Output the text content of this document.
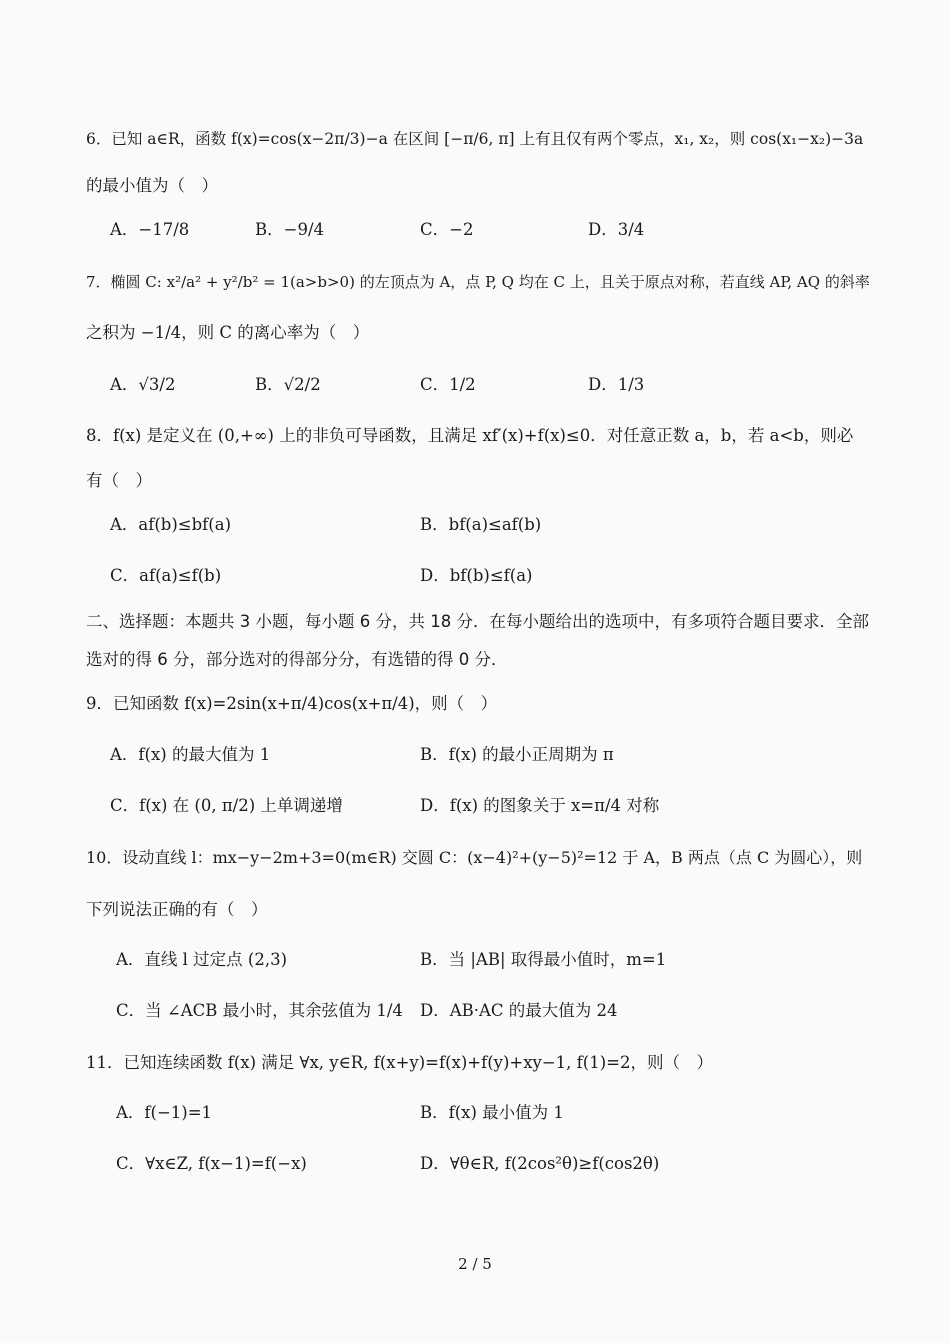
6．已知 a∈R，函数 f(x)=cos(x−2π/3)−a 在区间 [−π/6, π] 上有且仅有两个零点，x₁, x₂，则 cos(x₁−x₂)−3a
的最小值为（　）
A．−17/8	B．−9/4	C．−2	D．3/4
7．椭圆 C: x²/a² + y²/b² = 1(a>b>0) 的左顶点为 A，点 P, Q 均在 C 上，且关于原点对称，若直线 AP, AQ 的斜率
之积为 −1/4，则 C 的离心率为（　）
A．√3/2	B．√2/2	C．1/2	D．1/3
8．f(x) 是定义在 (0,+∞) 上的非负可导函数，且满足 xf′(x)+f(x)≤0．对任意正数 a，b，若 a<b，则必
有（　）
A．af(b)≤bf(a)	B．bf(a)≤af(b)
C．af(a)≤f(b)	D．bf(b)≤f(a)
二、选择题：本题共 3 小题，每小题 6 分，共 18 分．在每小题给出的选项中，有多项符合题目要求．全部
选对的得 6 分，部分选对的得部分分，有选错的得 0 分．
9．已知函数 f(x)=2sin(x+π/4)cos(x+π/4)，则（　）
A．f(x) 的最大值为 1	B．f(x) 的最小正周期为 π
C．f(x) 在 (0, π/2) 上单调递增	D．f(x) 的图象关于 x=π/4 对称
10．设动直线 l：mx−y−2m+3=0(m∈R) 交圆 C：(x−4)²+(y−5)²=12 于 A，B 两点（点 C 为圆心），则
下列说法正确的有（　）
A．直线 l 过定点 (2,3)	B．当 |AB| 取得最小值时，m=1
C．当 ∠ACB 最小时，其余弦值为 1/4 D．AB·AC 的最大值为 24
11．已知连续函数 f(x) 满足 ∀x, y∈R, f(x+y)=f(x)+f(y)+xy−1, f(1)=2，则（　）
A．f(−1)=1	B．f(x) 最小值为 1
C．∀x∈Z, f(x−1)=f(−x)	D．∀θ∈R, f(2cos²θ)≥f(cos2θ)
2 / 5
